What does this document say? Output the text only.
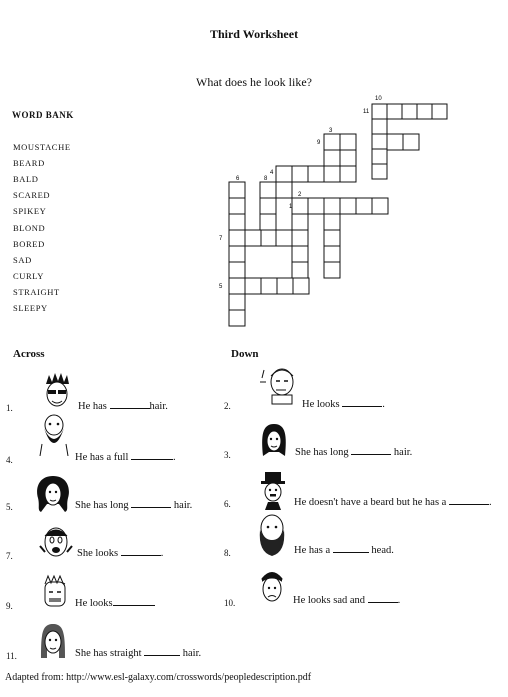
Third Worksheet
What does he look like?
WORD BANK
MOUSTACHE
BEARD
BALD
SCARED
SPIKEY
BLOND
BORED
SAD
CURLY
STRAIGHT
SLEEPY
1
2
3
4
5
6
7
8
9
10
11
Across	Down
1.	He has	hair.
4.	He has a full	.
5.	She has long	hair.
7.	She looks	.
9.	He looks
11.	She has straight	hair.
2.	He looks	.
3.	She has long	hair.
6.	He doesn't have a beard but he has a	.
8.	He has a	head.
10.	He looks sad and	.
Adapted from: http://www.esl-galaxy.com/crosswords/peopledescription.pdf
